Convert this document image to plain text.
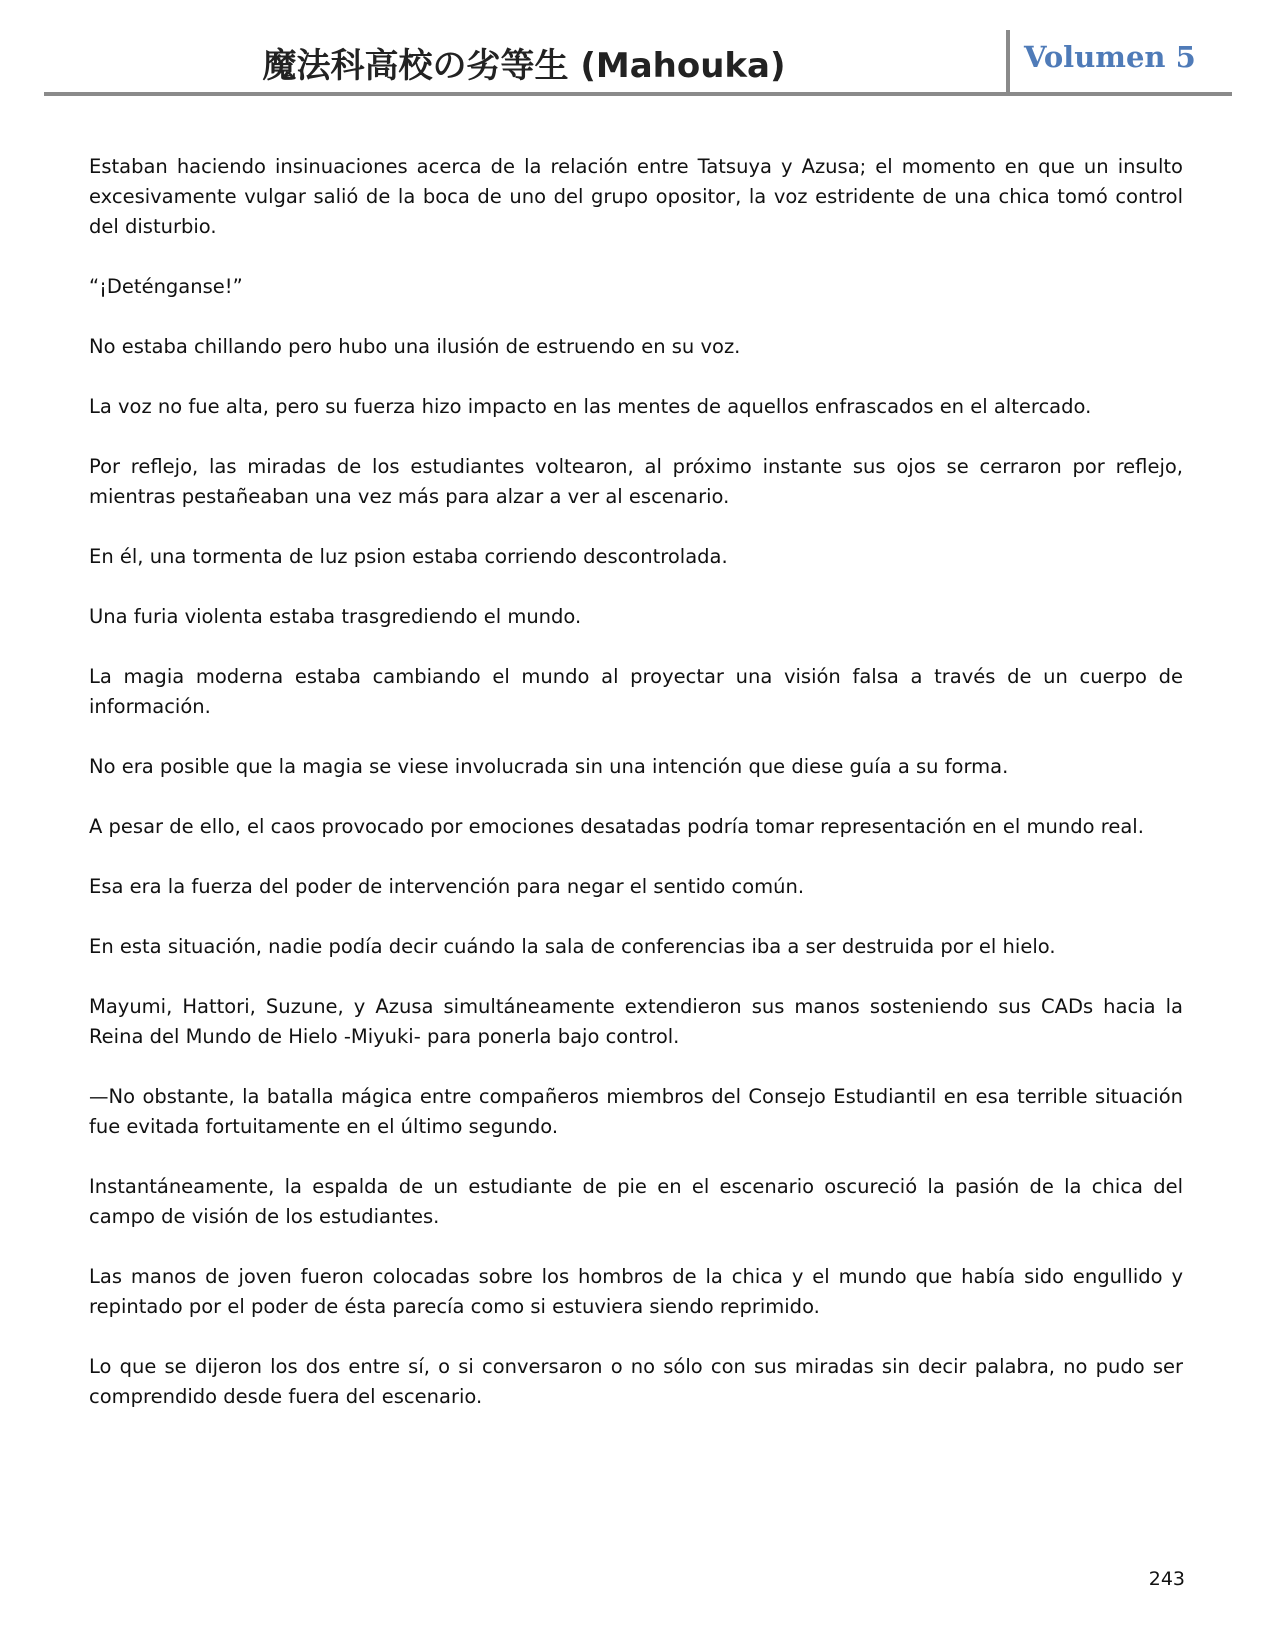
魔法科高校の劣等生 (Mahouka)	Volumen 5

Estaban haciendo insinuaciones acerca de la relación entre Tatsuya y Azusa; el momento en que un insulto excesivamente vulgar salió de la boca de uno del grupo opositor, la voz estridente de una chica tomó control del disturbio.

“¡Deténganse!”

No estaba chillando pero hubo una ilusión de estruendo en su voz.

La voz no fue alta, pero su fuerza hizo impacto en las mentes de aquellos enfrascados en el altercado.

Por reflejo, las miradas de los estudiantes voltearon, al próximo instante sus ojos se cerraron por reflejo, mientras pestañeaban una vez más para alzar a ver al escenario.

En él, una tormenta de luz psion estaba corriendo descontrolada.

Una furia violenta estaba trasgrediendo el mundo.

La magia moderna estaba cambiando el mundo al proyectar una visión falsa a través de un cuerpo de información.

No era posible que la magia se viese involucrada sin una intención que diese guía a su forma.

A pesar de ello, el caos provocado por emociones desatadas podría tomar representación en el mundo real.

Esa era la fuerza del poder de intervención para negar el sentido común.

En esta situación, nadie podía decir cuándo la sala de conferencias iba a ser destruida por el hielo.

Mayumi, Hattori, Suzune, y Azusa simultáneamente extendieron sus manos sosteniendo sus CADs hacia la Reina del Mundo de Hielo -Miyuki- para ponerla bajo control.

—No obstante, la batalla mágica entre compañeros miembros del Consejo Estudiantil en esa terrible situación fue evitada fortuitamente en el último segundo.

Instantáneamente, la espalda de un estudiante de pie en el escenario oscureció la pasión de la chica del campo de visión de los estudiantes.

Las manos de joven fueron colocadas sobre los hombros de la chica y el mundo que había sido engullido y repintado por el poder de ésta parecía como si estuviera siendo reprimido.

Lo que se dijeron los dos entre sí, o si conversaron o no sólo con sus miradas sin decir palabra, no pudo ser comprendido desde fuera del escenario.

243
